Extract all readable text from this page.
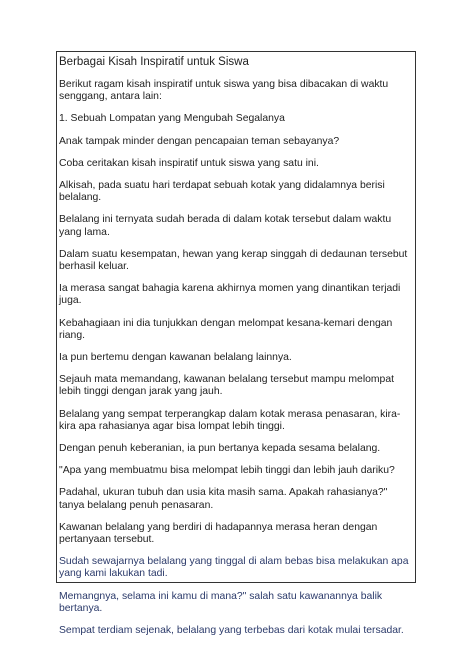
Berbagai Kisah Inspiratif untuk Siswa

Berikut ragam kisah inspiratif untuk siswa yang bisa dibacakan di waktu senggang, antara lain:

1. Sebuah Lompatan yang Mengubah Segalanya

Anak tampak minder dengan pencapaian teman sebayanya?

Coba ceritakan kisah inspiratif untuk siswa yang satu ini.

Alkisah, pada suatu hari terdapat sebuah kotak yang didalamnya berisi belalang.

Belalang ini ternyata sudah berada di dalam kotak tersebut dalam waktu yang lama.

Dalam suatu kesempatan, hewan yang kerap singgah di dedaunan tersebut berhasil keluar.

Ia merasa sangat bahagia karena akhirnya momen yang dinantikan terjadi juga.

Kebahagiaan ini dia tunjukkan dengan melompat kesana-kemari dengan riang.

Ia pun bertemu dengan kawanan belalang lainnya.

Sejauh mata memandang, kawanan belalang tersebut mampu melompat lebih tinggi dengan jarak yang jauh.

Belalang yang sempat terperangkap dalam kotak merasa penasaran, kira-kira apa rahasianya agar bisa lompat lebih tinggi.

Dengan penuh keberanian, ia pun bertanya kepada sesama belalang.

"Apa yang membuatmu bisa melompat lebih tinggi dan lebih jauh dariku?

Padahal, ukuran tubuh dan usia kita masih sama. Apakah rahasianya?" tanya belalang penuh penasaran.

Kawanan belalang yang berdiri di hadapannya merasa heran dengan pertanyaan tersebut.

Sudah sewajarnya belalang yang tinggal di alam bebas bisa melakukan apa yang kami lakukan tadi.

Memangnya, selama ini kamu di mana?" salah satu kawanannya balik bertanya.

Sempat terdiam sejenak, belalang yang terbebas dari kotak mulai tersadar.
